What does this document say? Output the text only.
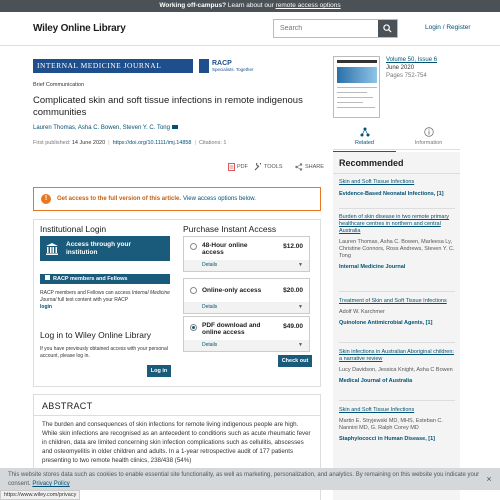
Working off-campus? Learn about our remote access options
Wiley Online Library
Search	Login / Register
INTERNAL MEDICINE JOURNAL	RACP
Specialists. Together
Brief Communication
Complicated skin and soft tissue infections in remote indigenous communities
Lauren Thomas, Asha C. Bowen, Steven Y. C. Tong
First published: 14 June 2020 | https://doi.org/10.1111/imj.14858 | Citations: 1
PDF	TOOLS	SHARE
!	Get access to the full version of this article. View access options below.
Institutional Login
Access through your
institution
RACP members and Fellows
RACP members and Fellows can access Internal Medicine Journal full text content with your RACP
login
Log in to Wiley Online Library
If you have previously obtained access with your personal account, please log in.
Log in
Purchase Instant Access
48-Hour online
access
$12.00
Details	▼
Online-only access	$20.00
Details	▼
PDF download and
online access
$49.00
Details	▼
Check out
ABSTRACT
The burden and consequences of skin infections for remote living indigenous people are high. While skin infections are recognised as an antecedent to conditions such as acute rheumatic fever in children, data are limited concerning skin infection complications such as cellulitis, abscesses and osteomyelitis in older children and adults. In a 1-year retrospective audit of 177 patients presenting to two remote health clinics, 238/438 (54%)
Volume 50, Issue 6
June 2020
Pages 752-754
Related	Information
Recommended
Skin and Soft Tissue Infections
Evidence-Based Neonatal Infections, [1]
Burden of skin disease in two remote primary healthcare centres in northern and central Australia
Lauren Thomas, Asha C. Bowen, Marleesa Ly, Christine Connors, Ross Andrews, Steven Y. C. Tong
Internal Medicine Journal
Treatment of Skin and Soft Tissue Infections
Adolf W. Karchmer
Quinolone Antimicrobial Agents, [1]
Skin infections in Australian Aboriginal children: a narrative review
Lucy Davidson, Jessica Knight, Asha C Bowen
Medical Journal of Australia
Skin and Soft Tissue Infections
Martin E. Stryjewski MD, MHS, Esteban C. Nannini MD, G. Ralph Corey MD
Staphylococci in Human Disease, [1]
This website stores data such as cookies to enable essential site functionality, as well as marketing, personalization, and analytics. By remaining on this website you indicate your consent. Privacy Policy	×
https://www.wiley.com/privacy
